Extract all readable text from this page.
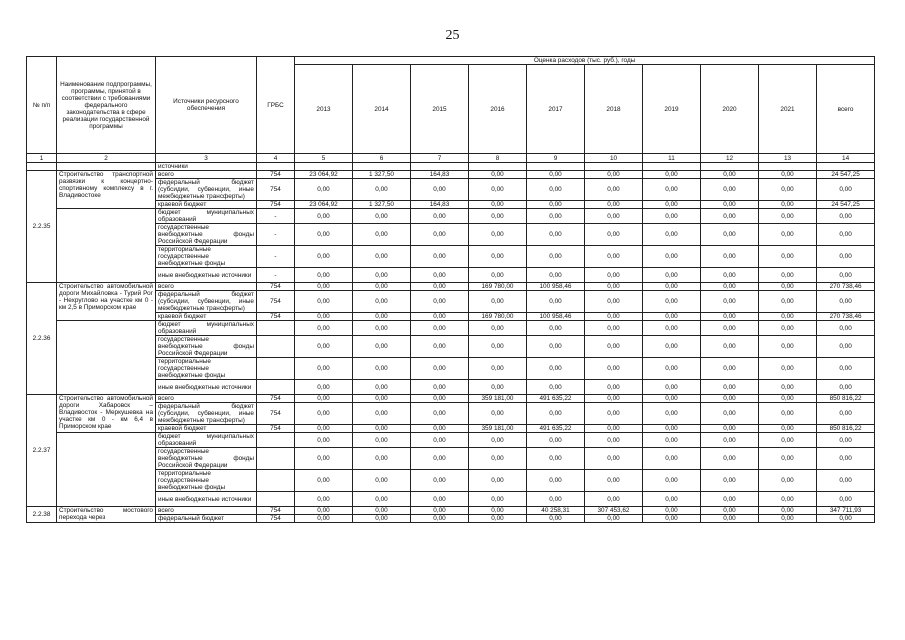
25
№ п/п	Наименование подпрограммы, программы, принятой в соответствии с требованиями федерального законодательства в сфере реализации государственной программы	Источники ресурсного обеспечения	ГРБС	Оценка расходов (тыс. руб.), годы									
				2013	2014	2015	2016	2017	2018	2019	2020	2021	всего
1	2	3	4	5	6	7	8	9	10	11	12	13	14
		источники											
2.2.35	Строительство транспортной развязки к концертно- спортивному комплексу в г. Владивостоке	всего	754	23 064,92	1 327,50	164,83	0,00	0,00	0,00	0,00	0,00	0,00	24 547,25
		федеральный бюджет (субсидии, субвенции, иные межбюджетные трансферты)	754	0,00	0,00	0,00	0,00	0,00	0,00	0,00	0,00	0,00	0,00
		краевой бюджет	754	23 064,92	1 327,50	164,83	0,00	0,00	0,00	0,00	0,00	0,00	24 547,25
		бюджет муниципальных образований	-	0,00	0,00	0,00	0,00	0,00	0,00	0,00	0,00	0,00	0,00
		государственные внебюджетные фонды Российской Федерации	-	0,00	0,00	0,00	0,00	0,00	0,00	0,00	0,00	0,00	0,00
		территориальные государственные внебюджетные фонды	-	0,00	0,00	0,00	0,00	0,00	0,00	0,00	0,00	0,00	0,00
		иные внебюджетные источники	-	0,00	0,00	0,00	0,00	0,00	0,00	0,00	0,00	0,00	0,00
2.2.36	Строительство автомобильной дороги Михайловка - Турий Рог - Нехруглово на участке км 0 - км 2,5 в Приморском крае	всего	754	0,00	0,00	0,00	169 780,00	100 958,46	0,00	0,00	0,00	0,00	270 738,46
		федеральный бюджет (субсидии, субвенции, иные межбюджетные трансферты)	754	0,00	0,00	0,00	0,00	0,00	0,00	0,00	0,00	0,00	0,00
		краевой бюджет	754	0,00	0,00	0,00	169 780,00	100 958,46	0,00	0,00	0,00	0,00	270 738,46
		бюджет муниципальных образований		0,00	0,00	0,00	0,00	0,00	0,00	0,00	0,00	0,00	0,00
		государственные внебюджетные фонды Российской Федерации		0,00	0,00	0,00	0,00	0,00	0,00	0,00	0,00	0,00	0,00
		территориальные государственные внебюджетные фонды		0,00	0,00	0,00	0,00	0,00	0,00	0,00	0,00	0,00	0,00
		иные внебюджетные источники		0,00	0,00	0,00	0,00	0,00	0,00	0,00	0,00	0,00	0,00
2.2.37	Строительство автомобильной дороги Хабаровск – Владивосток - Меркушевка на участке км 0 - км 6,4 в Приморском крае	всего	754	0,00	0,00	0,00	359 181,00	491 635,22	0,00	0,00	0,00	0,00	850 816,22
		федеральный бюджет (субсидии, субвенции, иные межбюджетные трансферты)	754	0,00	0,00	0,00	0,00	0,00	0,00	0,00	0,00	0,00	0,00
		краевой бюджет	754	0,00	0,00	0,00	359 181,00	491 635,22	0,00	0,00	0,00	0,00	850 816,22
		бюджет муниципальных образований		0,00	0,00	0,00	0,00	0,00	0,00	0,00	0,00	0,00	0,00
		государственные внебюджетные фонды Российской Федерации		0,00	0,00	0,00	0,00	0,00	0,00	0,00	0,00	0,00	0,00
		территориальные государственные внебюджетные фонды		0,00	0,00	0,00	0,00	0,00	0,00	0,00	0,00	0,00	0,00
		иные внебюджетные источники		0,00	0,00	0,00	0,00	0,00	0,00	0,00	0,00	0,00	0,00
2.2.38	Строительство мостового перехода через	всего	754	0,00	0,00	0,00	0,00	40 258,31	307 453,62	0,00	0,00	0,00	347 711,93
		федеральный бюджет	754	0,00	0,00	0,00	0,00	0,00	0,00	0,00	0,00	0,00	0,00
